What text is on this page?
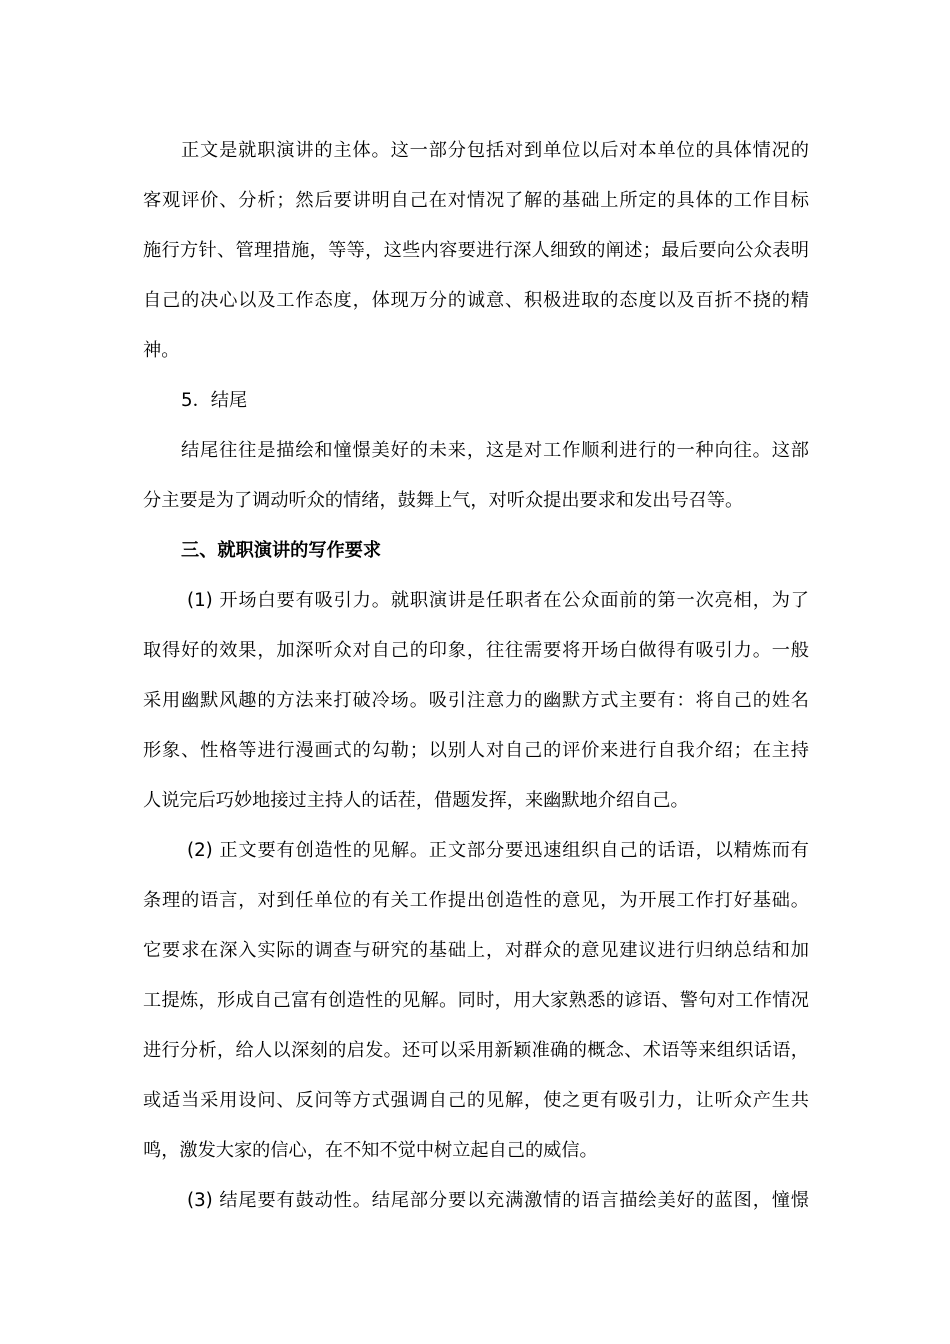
正文是就职演讲的主体。这一部分包括对到单位以后对本单位的具体情况的
客观评价、分析；然后要讲明自己在对情况了解的基础上所定的具体的工作目标
施行方针、管理措施，等等，这些内容要进行深人细致的阐述；最后要向公众表明
自己的决心以及工作态度，体现万分的诚意、积极进取的态度以及百折不挠的精
神。
5．结尾
结尾往往是描绘和憧憬美好的未来，这是对工作顺利进行的一种向往。这部
分主要是为了调动听众的情绪，鼓舞上气，对听众提出要求和发出号召等。
三、就职演讲的写作要求
(1) 开场白要有吸引力。就职演讲是任职者在公众面前的第一次亮相，为了
取得好的效果，加深听众对自己的印象，往往需要将开场白做得有吸引力。一般
采用幽默风趣的方法来打破冷场。吸引注意力的幽默方式主要有：将自己的姓名
形象、性格等进行漫画式的勾勒；以别人对自己的评价来进行自我介绍；在主持
人说完后巧妙地接过主持人的话茬，借题发挥，来幽默地介绍自己。
(2) 正文要有创造性的见解。正文部分要迅速组织自己的话语，以精炼而有
条理的语言，对到任单位的有关工作提出创造性的意见，为开展工作打好基础。
它要求在深入实际的调查与研究的基础上，对群众的意见建议进行归纳总结和加
工提炼，形成自己富有创造性的见解。同时，用大家熟悉的谚语、警句对工作情况
进行分析，给人以深刻的启发。还可以采用新颖准确的概念、术语等来组织话语，
或适当采用设问、反问等方式强调自己的见解，使之更有吸引力，让听众产生共
鸣，激发大家的信心，在不知不觉中树立起自己的威信。
(3) 结尾要有鼓动性。结尾部分要以充满激情的语言描绘美好的蓝图，憧憬
